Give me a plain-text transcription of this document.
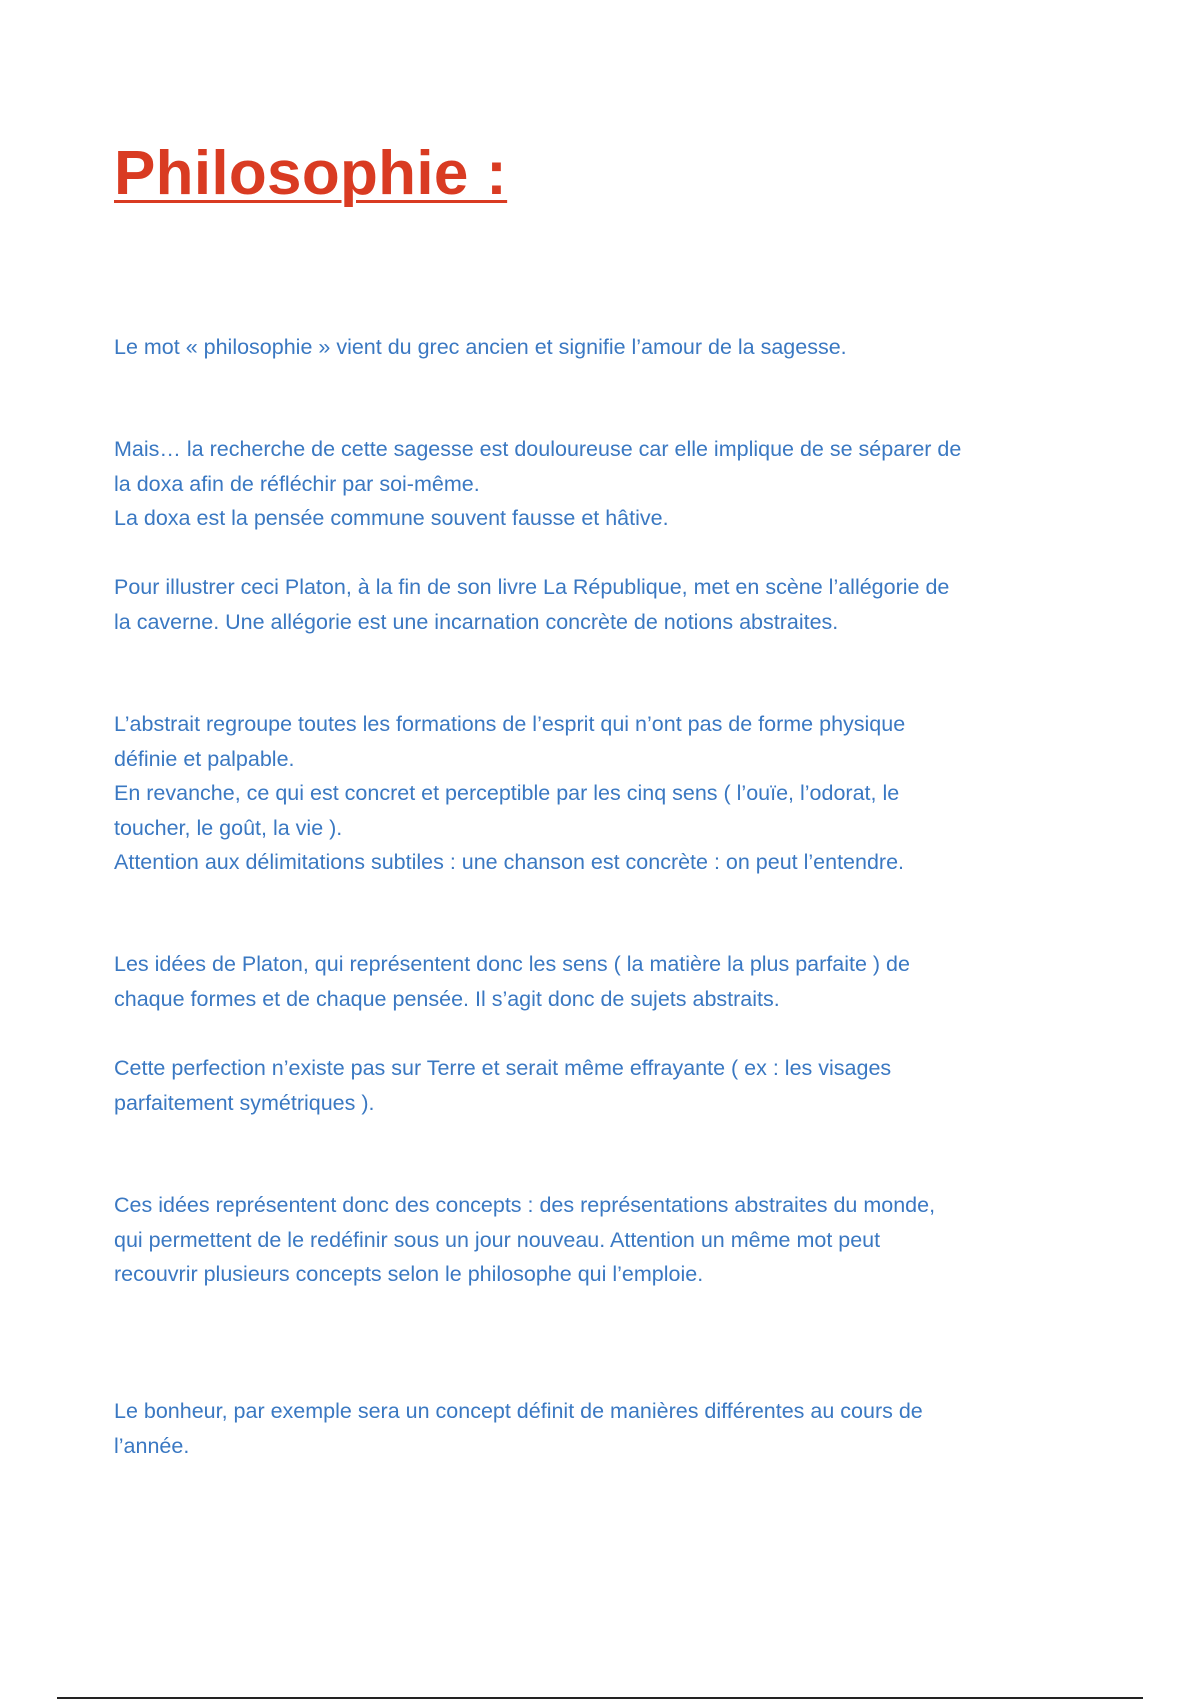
Philosophie :

Le mot « philosophie » vient du grec ancien et signifie l’amour de la sagesse.

Mais… la recherche de cette sagesse est douloureuse car elle implique de se séparer de
la doxa afin de réfléchir par soi-même.
La doxa est la pensée commune souvent fausse et hâtive.

Pour illustrer ceci Platon, à la fin de son livre La République, met en scène l’allégorie de
la caverne. Une allégorie est une incarnation concrète de notions abstraites.

L’abstrait regroupe toutes les formations de l’esprit qui n’ont pas de forme physique
définie et palpable.
En revanche, ce qui est concret et perceptible par les cinq sens ( l’ouïe, l’odorat, le
toucher, le goût, la vie ).
Attention aux délimitations subtiles : une chanson est concrète : on peut l’entendre.

Les idées de Platon, qui représentent donc les sens ( la matière la plus parfaite ) de
chaque formes et de chaque pensée. Il s’agit donc de sujets abstraits.

Cette perfection n’existe pas sur Terre et serait même effrayante ( ex : les visages
parfaitement symétriques ).

Ces idées représentent donc des concepts : des représentations abstraites du monde,
qui permettent de le redéfinir sous un jour nouveau. Attention un même mot peut
recouvrir plusieurs concepts selon le philosophe qui l’emploie.

Le bonheur, par exemple sera un concept définit de manières différentes au cours de
l’année.
